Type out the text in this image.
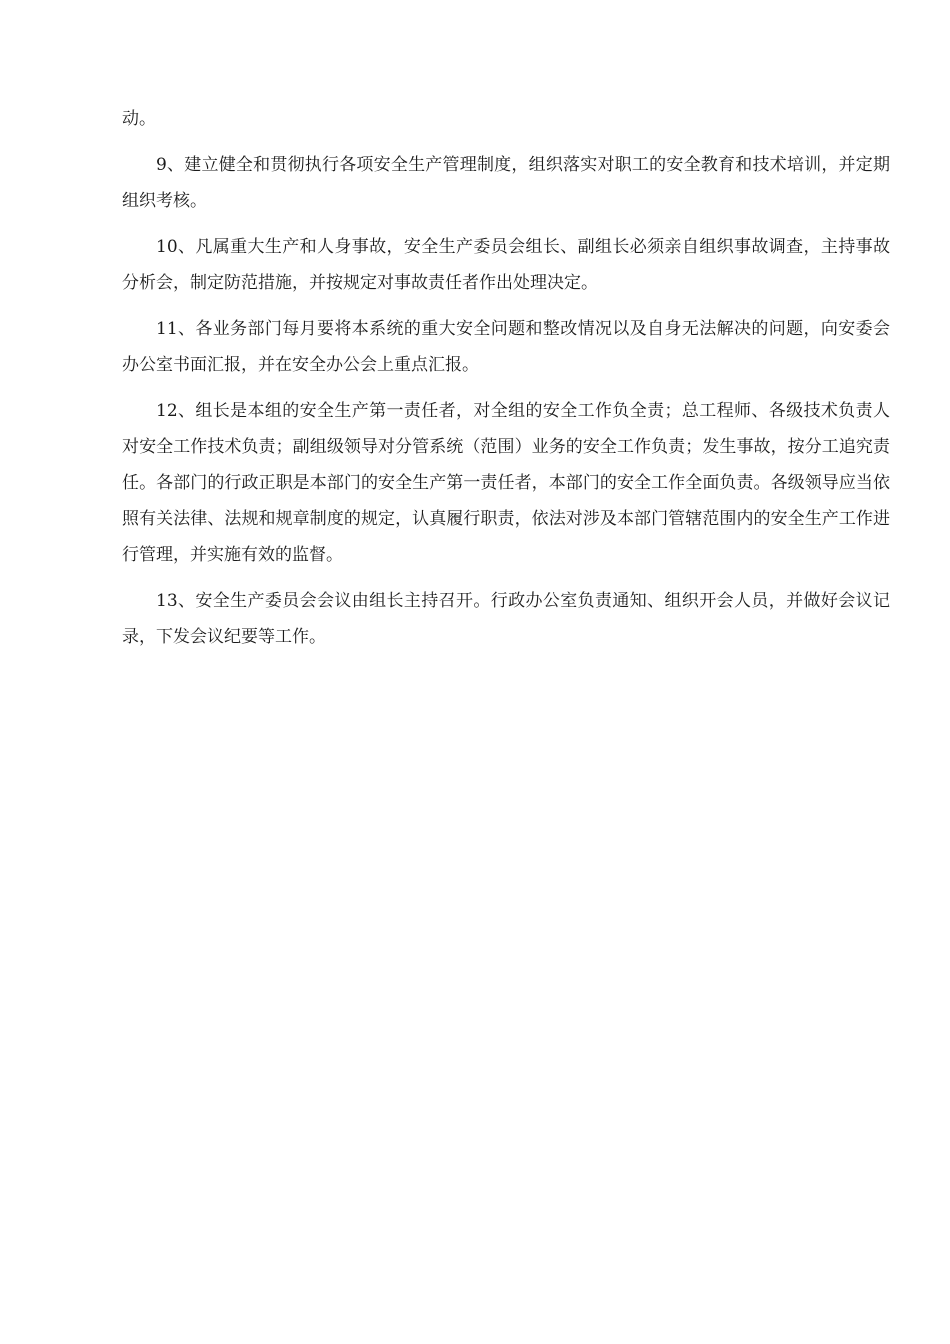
动。

9、建立健全和贯彻执行各项安全生产管理制度，组织落实对职工的安全教育和技术培训，并定期组织考核。

10、凡属重大生产和人身事故，安全生产委员会组长、副组长必须亲自组织事故调查，主持事故分析会，制定防范措施，并按规定对事故责任者作出处理决定。

11、各业务部门每月要将本系统的重大安全问题和整改情况以及自身无法解决的问题，向安委会办公室书面汇报，并在安全办公会上重点汇报。

12、组长是本组的安全生产第一责任者，对全组的安全工作负全责；总工程师、各级技术负责人对安全工作技术负责；副组级领导对分管系统（范围）业务的安全工作负责；发生事故，按分工追究责任。各部门的行政正职是本部门的安全生产第一责任者，本部门的安全工作全面负责。各级领导应当依照有关法律、法规和规章制度的规定，认真履行职责，依法对涉及本部门管辖范围内的安全生产工作进行管理，并实施有效的监督。

13、安全生产委员会会议由组长主持召开。行政办公室负责通知、组织开会人员，并做好会议记录，下发会议纪要等工作。
